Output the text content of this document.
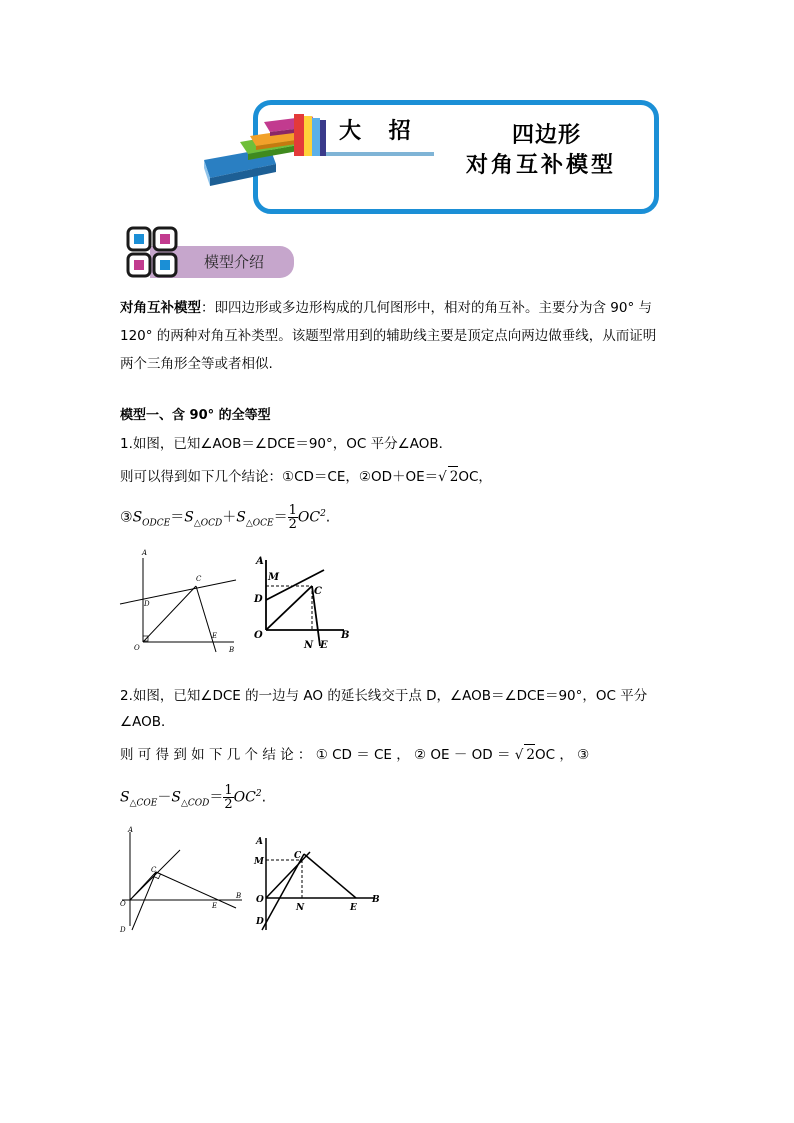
大 招	四边形
对角互补模型
模型介绍
对角互补模型：即四边形或多边形构成的几何图形中，相对的角互补。主要分为含 90° 与
120° 的两种对角互补类型。该题型常用到的辅助线主要是顶定点向两边做垂线，从而证明
两个三角形全等或者相似.
模型一、含 90° 的全等型
1.如图，已知∠AOB＝∠DCE＝90°，OC 平分∠AOB．
则可以得到如下几个结论：①CD＝CE，②OD＋OE＝√ 2OC，
$③S_{ODCE}=S_{\triangle OCD}+S_{\triangle OCE}= \frac{1}{2} OC^2$.
A
D
C
O
E
B
A
M
D
C
O
N E
B
2.如图，已知∠DCE 的一边与 AO 的延长线交于点 D，∠AOB＝∠DCE＝90°，OC 平分
∠AOB．
则 可 得 到 如 下 几 个 结 论 ： ① CD ＝ CE ， ② OE － OD ＝ √ 2OC ， ③
$S_{\triangle COE}-S_{\triangle COD}= \frac{1}{2} OC^2$.
A
C
O	E
B
D
A
M
C
O
N	E
B
D
